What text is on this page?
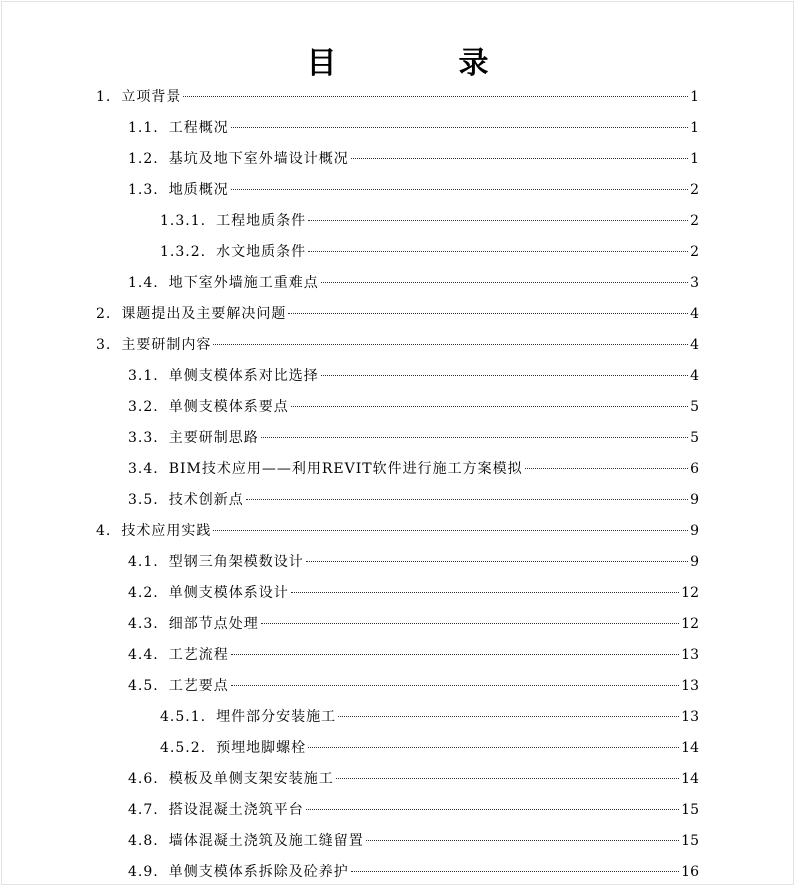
目　录
1. 立项背景	1
1.1. 工程概况	1
1.2. 基坑及地下室外墙设计概况	1
1.3. 地质概况	2
1.3.1. 工程地质条件	2
1.3.2. 水文地质条件	2
1.4. 地下室外墙施工重难点	3
2. 课题提出及主要解决问题	4
3. 主要研制内容	4
3.1. 单侧支模体系对比选择	4
3.2. 单侧支模体系要点	5
3.3. 主要研制思路	5
3.4. BIM技术应用——利用REVIT软件进行施工方案模拟	6
3.5. 技术创新点	9
4. 技术应用实践	9
4.1. 型钢三角架模数设计	9
4.2. 单侧支模体系设计	12
4.3. 细部节点处理	12
4.4. 工艺流程	13
4.5. 工艺要点	13
4.5.1. 埋件部分安装施工	13
4.5.2. 预埋地脚螺栓	14
4.6. 模板及单侧支架安装施工	14
4.7. 搭设混凝土浇筑平台	15
4.8. 墙体混凝土浇筑及施工缝留置	15
4.9. 单侧支模体系拆除及砼养护	16
